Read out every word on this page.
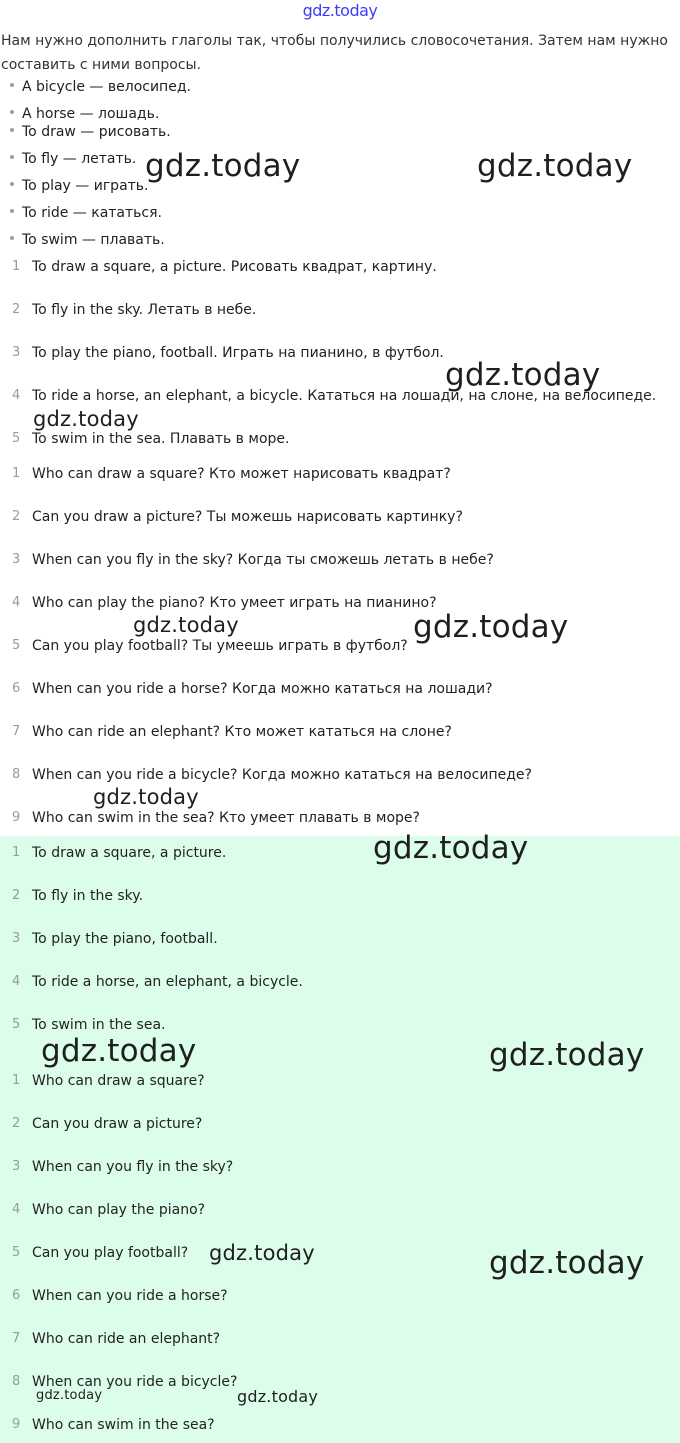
gdz.today
Нам нужно дополнить глаголы так, чтобы получились словосочетания. Затем нам нужно составить с ними вопросы.
A bicycle — велосипед.
A horse — лошадь.
To draw — рисовать.
To fly — летать.
To play — играть.
To ride — кататься.
To swim — плавать.
1 To draw a square, a picture. Рисовать квадрат, картину.
2 To fly in the sky. Летать в небе.
3 To play the piano, football. Играть на пианино, в футбол.
4 To ride a horse, an elephant, a bicycle. Кататься на лошади, на слоне, на велосипеде.
5 To swim in the sea. Плавать в море.
1 Who can draw a square? Кто может нарисовать квадрат?
2 Can you draw a picture? Ты можешь нарисовать картинку?
3 When can you fly in the sky? Когда ты сможешь летать в небе?
4 Who can play the piano? Кто умеет играть на пианино?
5 Can you play football? Ты умеешь играть в футбол?
6 When can you ride a horse? Когда можно кататься на лошади?
7 Who can ride an elephant? Кто может кататься на слоне?
8 When can you ride a bicycle? Когда можно кататься на велосипеде?
9 Who can swim in the sea? Кто умеет плавать в море?
1 To draw a square, a picture.
2 To fly in the sky.
3 To play the piano, football.
4 To ride a horse, an elephant, a bicycle.
5 To swim in the sea.
1 Who can draw a square?
2 Can you draw a picture?
3 When can you fly in the sky?
4 Who can play the piano?
5 Can you play football?
6 When can you ride a horse?
7 Who can ride an elephant?
8 When can you ride a bicycle?
9 Who can swim in the sea?
gdz.today	gdz.today
gdz.today
gdz.today
gdz.today	gdz.today
gdz.today
gdz.today
gdz.today	gdz.today
gdz.today	gdz.today
gdz.today	gdz.today
